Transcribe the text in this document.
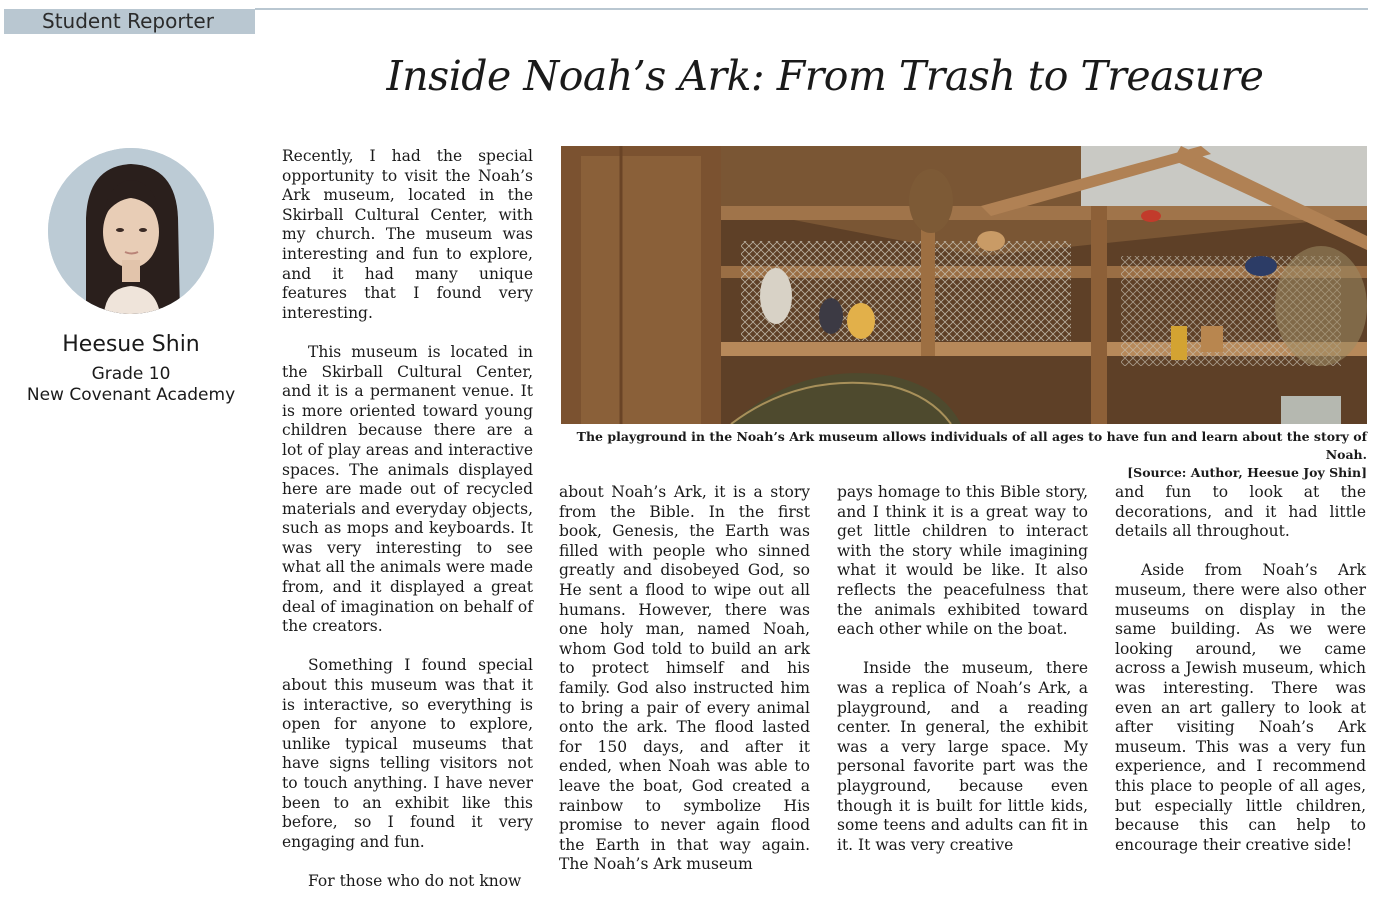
Student Reporter
Inside Noah’s Ark: From Trash to Treasure
Heesue Shin
Grade 10
New Covenant Academy

Recently, I had the special opportunity to visit the Noah’s Ark museum, located in the Skirball Cultural Center, with my church. The museum was interesting and fun to explore, and it had many unique features that I found very interesting.

This museum is located in the Skirball Cultural Center, and it is a permanent venue. It is more oriented toward young children because there are a lot of play areas and interactive spaces. The animals displayed here are made out of recycled materials and everyday objects, such as mops and keyboards. It was very interesting to see what all the animals were made from, and it displayed a great deal of imagination on behalf of the creators.

Something I found special about this museum was that it is interactive, so everything is open for anyone to explore, unlike typical museums that have signs telling visitors not to touch anything. I have never been to an exhibit like this before, so I found it very engaging and fun.

For those who do not know

The playground in the Noah’s Ark museum allows individuals of all ages to have fun and learn about the story of Noah.
[Source: Author, Heesue Joy Shin]

about Noah’s Ark, it is a story from the Bible. In the first book, Genesis, the Earth was filled with people who sinned greatly and disobeyed God, so He sent a flood to wipe out all humans. However, there was one holy man, named Noah, whom God told to build an ark to protect himself and his family. God also instructed him to bring a pair of every animal onto the ark. The flood lasted for 150 days, and after it ended, when Noah was able to leave the boat, God created a rainbow to symbolize His promise to never again flood the Earth in that way again. The Noah’s Ark museum

pays homage to this Bible story, and I think it is a great way to get little children to interact with the story while imagining what it would be like. It also reflects the peacefulness that the animals exhibited toward each other while on the boat.

Inside the museum, there was a replica of Noah’s Ark, a playground, and a reading center. In general, the exhibit was a very large space. My personal favorite part was the playground, because even though it is built for little kids, some teens and adults can fit in it. It was very creative

and fun to look at the decorations, and it had little details all throughout.

Aside from Noah’s Ark museum, there were also other museums on display in the same building. As we were looking around, we came across a Jewish museum, which was interesting. There was even an art gallery to look at after visiting Noah’s Ark museum. This was a very fun experience, and I recommend this place to people of all ages, but especially little children, because this can help to encourage their creative side!
